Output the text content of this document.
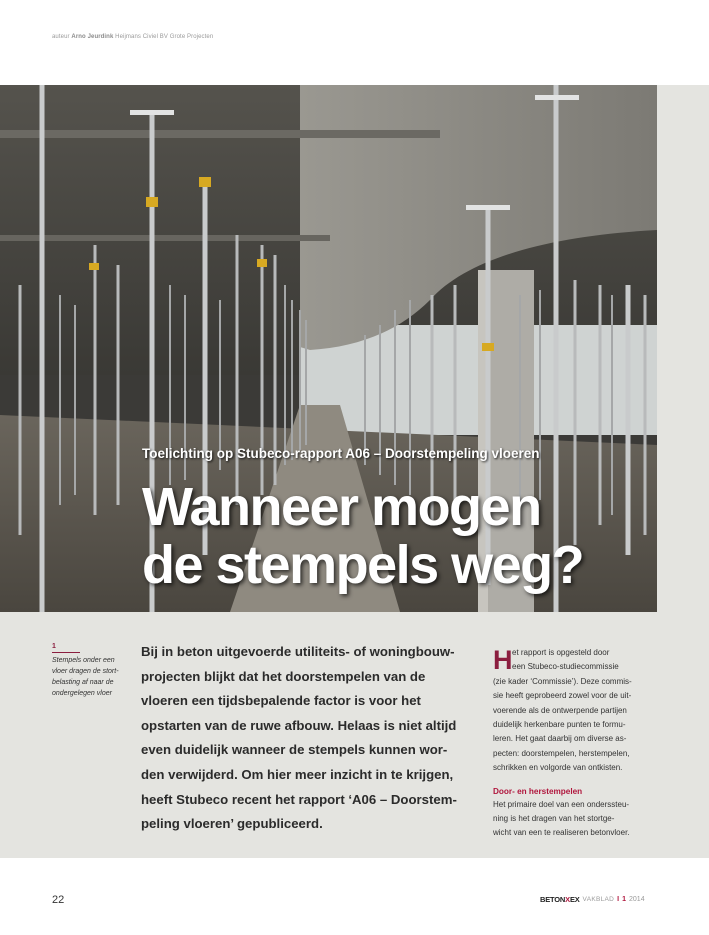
auteur Arno Jeurdink Heijmans Civiel BV Grote Projecten
Toelichting op Stubeco-rapport A06 – Doorstempeling vloeren
Wanneer mogen
de stempels weg?
1
Stempels onder een
vloer dragen de stort-
belasting af naar de
ondergelegen vloer
Bij in beton uitgevoerde utiliteits- of woningbouw-
projecten blijkt dat het doorstempelen van de
vloeren een tijdsbepalende factor is voor het
opstarten van de ruwe afbouw. Helaas is niet altijd
even duidelijk wanneer de stempels kunnen wor-
den verwijderd. Om hier meer inzicht in te krijgen,
heeft Stubeco recent het rapport ‘A06 – Doorstem-
peling vloeren’ gepubliceerd.
H et rapport is opgesteld door
een Stubeco-studiecommissie
(zie kader ‘Commissie’). Deze commis-
sie heeft geprobeerd zowel voor de uit-
voerende als de ontwerpende partijen
duidelijk herkenbare punten te formu-
leren. Het gaat daarbij om diverse as-
pecten: doorstempelen, herstempelen,
schrikken en volgorde van ontkisten.
Door- en herstempelen
Het primaire doel van een onderssteu-
ning is het dragen van het stortge-
wicht van een te realiseren betonvloer.
22	BETONXEX VAKBLAD I 1 2014
